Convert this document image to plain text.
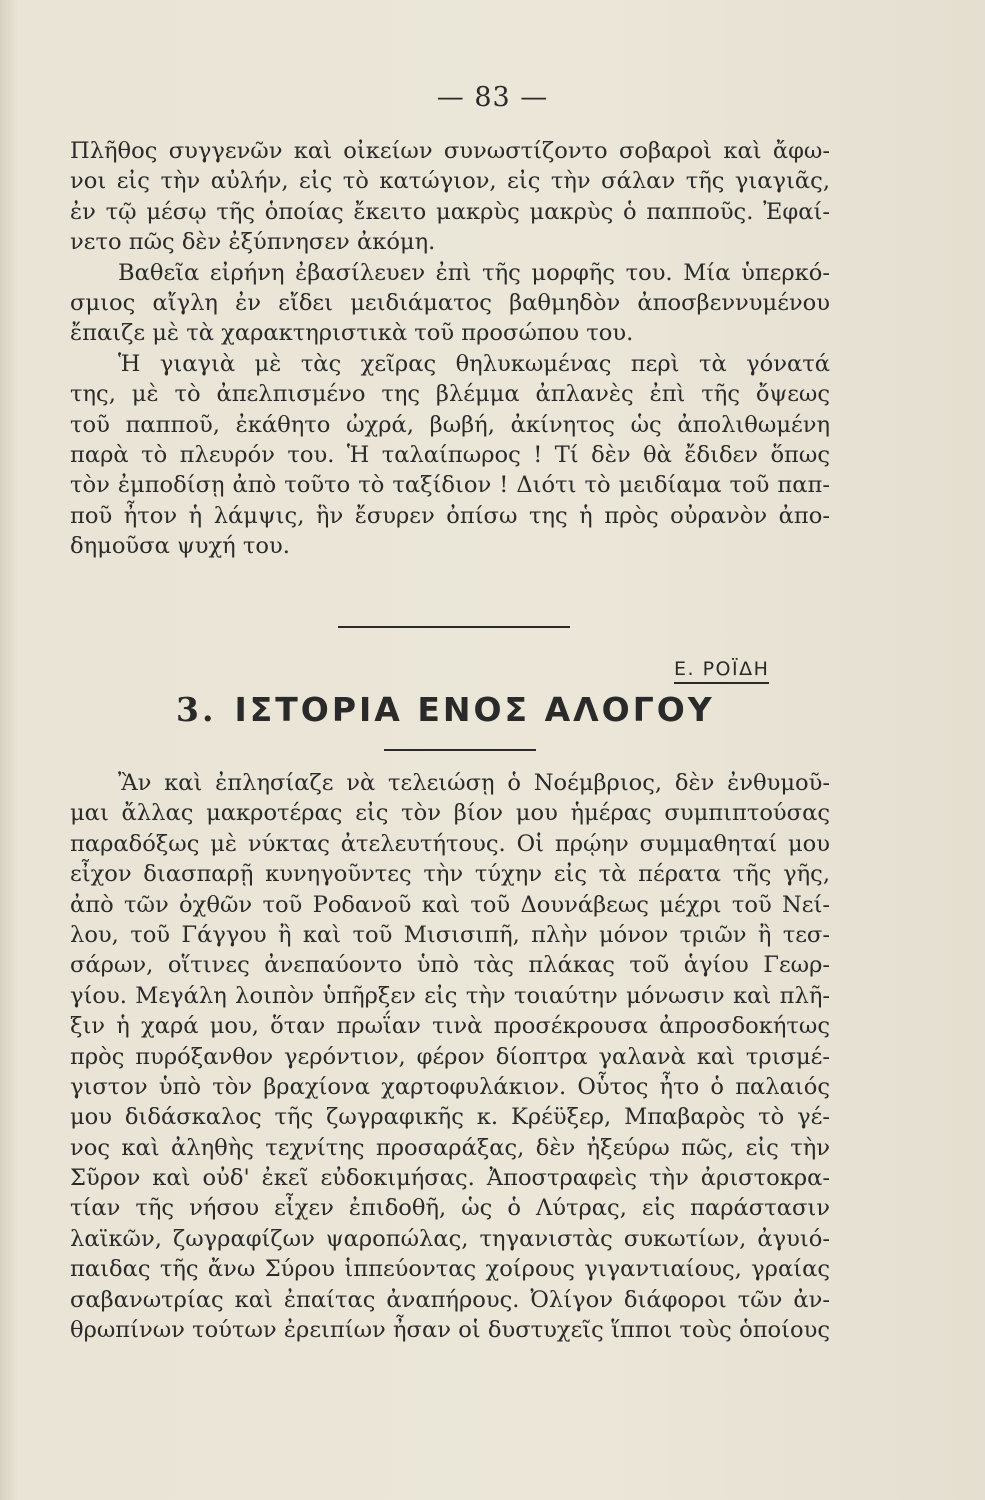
— 83 —
Πλῆθος συγγενῶν καὶ οἰκείων συνωστίζοντο σοβαροὶ καὶ ἄφω-
νοι εἰς τὴν αὐλήν, εἰς τὸ κατώγιον, εἰς τὴν σάλαν τῆς γιαγιᾶς,
ἐν τῷ μέσῳ τῆς ὁποίας ἔκειτο μακρὺς μακρὺς ὁ παπποῦς. Ἐφαί-
νετο πῶς δὲν ἐξύπνησεν ἀκόμη.
Βαθεῖα εἰρήνη ἐβασίλευεν ἐπὶ τῆς μορφῆς του. Μία ὑπερκό-
σμιος αἴγλη ἐν εἴδει μειδιάματος βαθμηδὸν ἀποσβεννυμένου
ἔπαιζε μὲ τὰ χαρακτηριστικὰ τοῦ προσώπου του.
Ἡ γιαγιὰ μὲ τὰς χεῖρας θηλυκωμένας περὶ τὰ γόνατά
της, μὲ τὸ ἀπελπισμένο της βλέμμα ἀπλανὲς ἐπὶ τῆς ὄψεως
τοῦ παπποῦ, ἐκάθητο ὠχρά, βωβή, ἀκίνητος ὡς ἀπολιθωμένη
παρὰ τὸ πλευρόν του. Ἡ ταλαίπωρος ! Τί δὲν θὰ ἔδιδεν ὅπως
τὸν ἐμποδίσῃ ἀπὸ τοῦτο τὸ ταξίδιον ! Διότι τὸ μειδίαμα τοῦ παπ-
ποῦ ἦτον ἡ λάμψις, ἣν ἔσυρεν ὀπίσω της ἡ πρὸς οὐρανὸν ἀπο-
δημοῦσα ψυχή του.
Ε. ΡΟΪΔΗ
3. ΙΣΤΟΡΙΑ ΕΝΟΣ ΑΛΟΓΟΥ
Ἂν καὶ ἐπλησίαζε νὰ τελειώσῃ ὁ Νοέμβριος, δὲν ἐνθυμοῦ-
μαι ἄλλας μακροτέρας εἰς τὸν βίον μου ἡμέρας συμπιπτούσας
παραδόξως μὲ νύκτας ἀτελευτήτους. Οἱ πρῴην συμμαθηταί μου
εἶχον διασπαρῇ κυνηγοῦντες τὴν τύχην εἰς τὰ πέρατα τῆς γῆς,
ἀπὸ τῶν ὀχθῶν τοῦ Ροδανοῦ καὶ τοῦ Δουνάβεως μέχρι τοῦ Νεί-
λου, τοῦ Γάγγου ἢ καὶ τοῦ Μισισιπῆ, πλὴν μόνον τριῶν ἢ τεσ-
σάρων, οἵτινες ἀνεπαύοντο ὑπὸ τὰς πλάκας τοῦ ἁγίου Γεωρ-
γίου. Μεγάλη λοιπὸν ὑπῆρξεν εἰς τὴν τοιαύτην μόνωσιν καὶ πλῆ-
ξιν ἡ χαρά μου, ὅταν πρωΐαν τινὰ προσέκρουσα ἀπροσδοκήτως
πρὸς πυρόξανθον γερόντιον, φέρον δίοπτρα γαλανὰ καὶ τρισμέ-
γιστον ὑπὸ τὸν βραχίονα χαρτοφυλάκιον. Οὗτος ἦτο ὁ παλαιός
μου διδάσκαλος τῆς ζωγραφικῆς κ. Κρέϋξερ, Μπαβαρὸς τὸ γέ-
νος καὶ ἀληθὴς τεχνίτης προσαράξας, δὲν ἠξεύρω πῶς, εἰς τὴν
Σῦρον καὶ οὐδ' ἐκεῖ εὐδοκιμήσας. Ἀποστραφεὶς τὴν ἀριστοκρα-
τίαν τῆς νήσου εἶχεν ἐπιδοθῆ, ὡς ὁ Λύτρας, εἰς παράστασιν
λαϊκῶν, ζωγραφίζων ψαροπώλας, τηγανιστὰς συκωτίων, ἀγυιό-
παιδας τῆς ἄνω Σύρου ἱππεύοντας χοίρους γιγαντιαίους, γραίας
σαβανωτρίας καὶ ἐπαίτας ἀναπήρους. Ὀλίγον διάφοροι τῶν ἀν-
θρωπίνων τούτων ἐρειπίων ἦσαν οἱ δυστυχεῖς ἵπποι τοὺς ὁποίους
